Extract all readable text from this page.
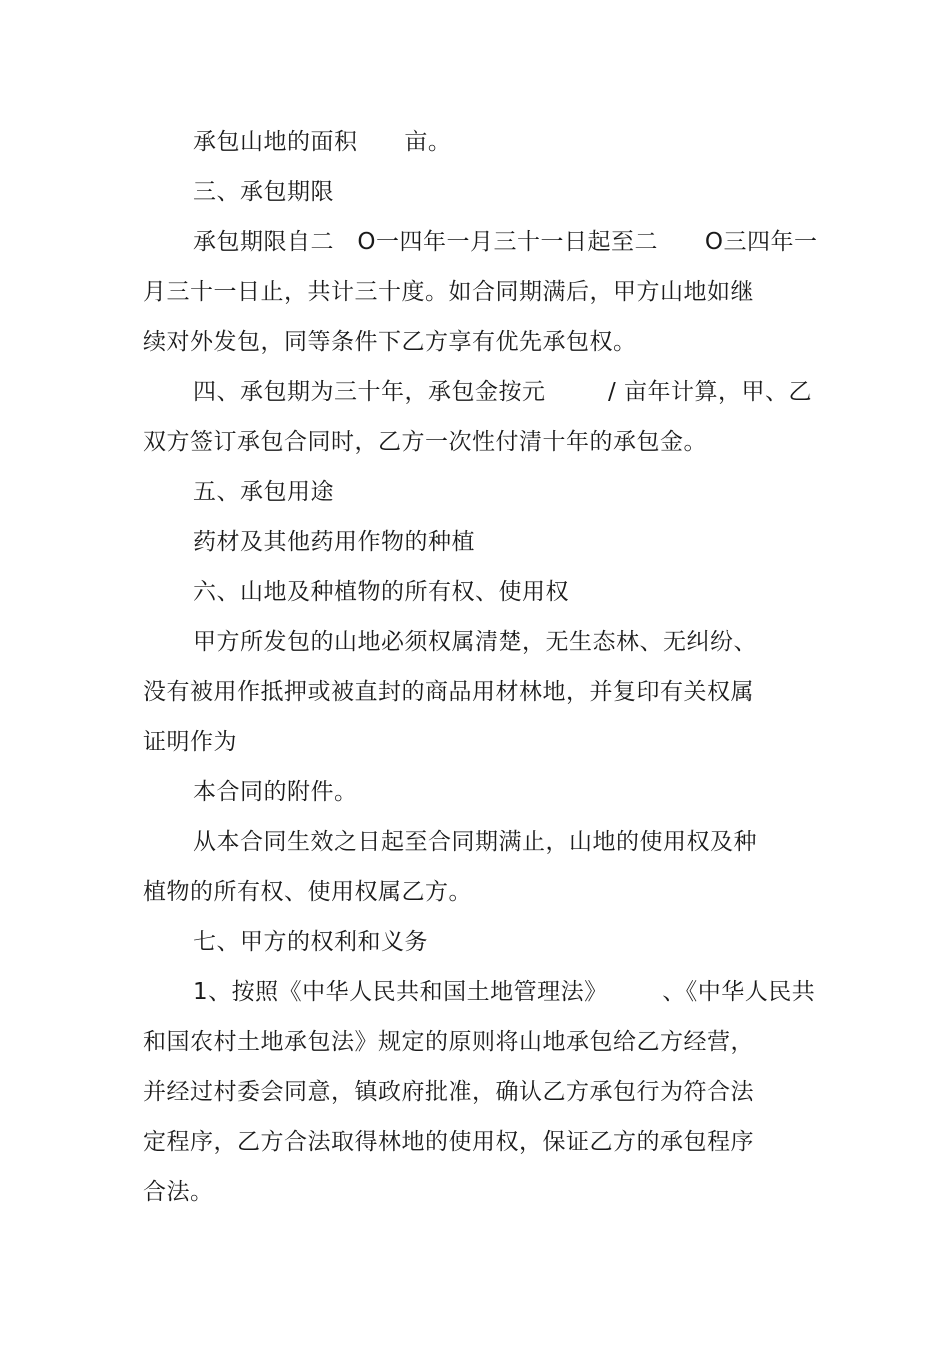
承包山地的面积      亩。
三、承包期限
承包期限自二   O一四年一月三十一日起至二      O三四年一
月三十一日止，共计三十度。如合同期满后，甲方山地如继
续对外发包，同等条件下乙方享有优先承包权。
四、承包期为三十年，承包金按元        / 亩年计算，甲、乙
双方签订承包合同时，乙方一次性付清十年的承包金。
五、承包用途
药材及其他药用作物的种植
六、山地及种植物的所有权、使用权
甲方所发包的山地必须权属清楚，无生态林、无纠纷、
没有被用作抵押或被直封的商品用材林地，并复印有关权属
证明作为
本合同的附件。
从本合同生效之日起至合同期满止，山地的使用权及种
植物的所有权、使用权属乙方。
七、甲方的权利和义务
1、按照《中华人民共和国土地管理法》       、《中华人民共
和国农村土地承包法》规定的原则将山地承包给乙方经营，
并经过村委会同意，镇政府批准，确认乙方承包行为符合法
定程序，乙方合法取得林地的使用权，保证乙方的承包程序
合法。
